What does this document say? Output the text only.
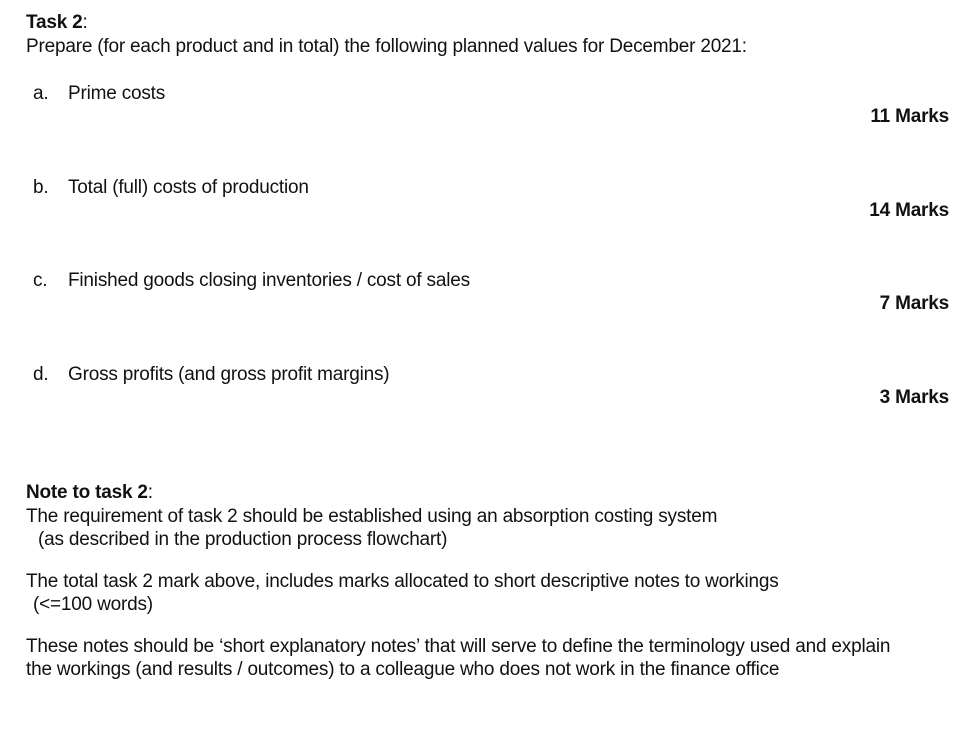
Task 2:
Prepare (for each product and in total) the following planned values for December 2021:
a. Prime costs
11 Marks
b. Total (full) costs of production
14 Marks
c. Finished goods closing inventories / cost of sales
7 Marks
d. Gross profits (and gross profit margins)
3 Marks
Note to task 2:
The requirement of task 2 should be established using an absorption costing system
(as described in the production process flowchart)
The total task 2 mark above, includes marks allocated to short descriptive notes to workings
(<=100 words)
These notes should be ‘short explanatory notes’ that will serve to define the terminology used and explain
the workings (and results / outcomes) to a colleague who does not work in the finance office
